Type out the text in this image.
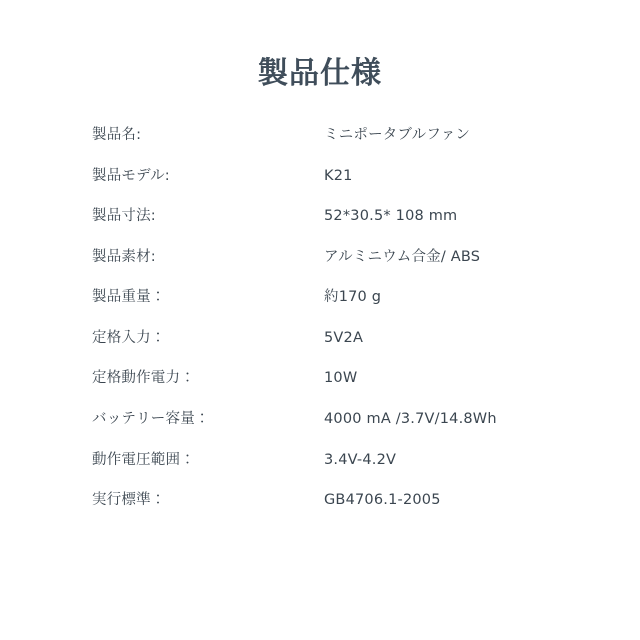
製品仕様
製品名:	ミニポータブルファン
製品モデル:	K21
製品寸法:	52*30.5* 108 mm
製品素材:	アルミニウム合金/ ABS
製品重量：	約170 g
定格入力：	5V2A
定格動作電力：	10W
バッテリー容量：	4000 mA /3.7V/14.8Wh
動作電圧範囲：	3.4V-4.2V
実行標準：	GB4706.1-2005
